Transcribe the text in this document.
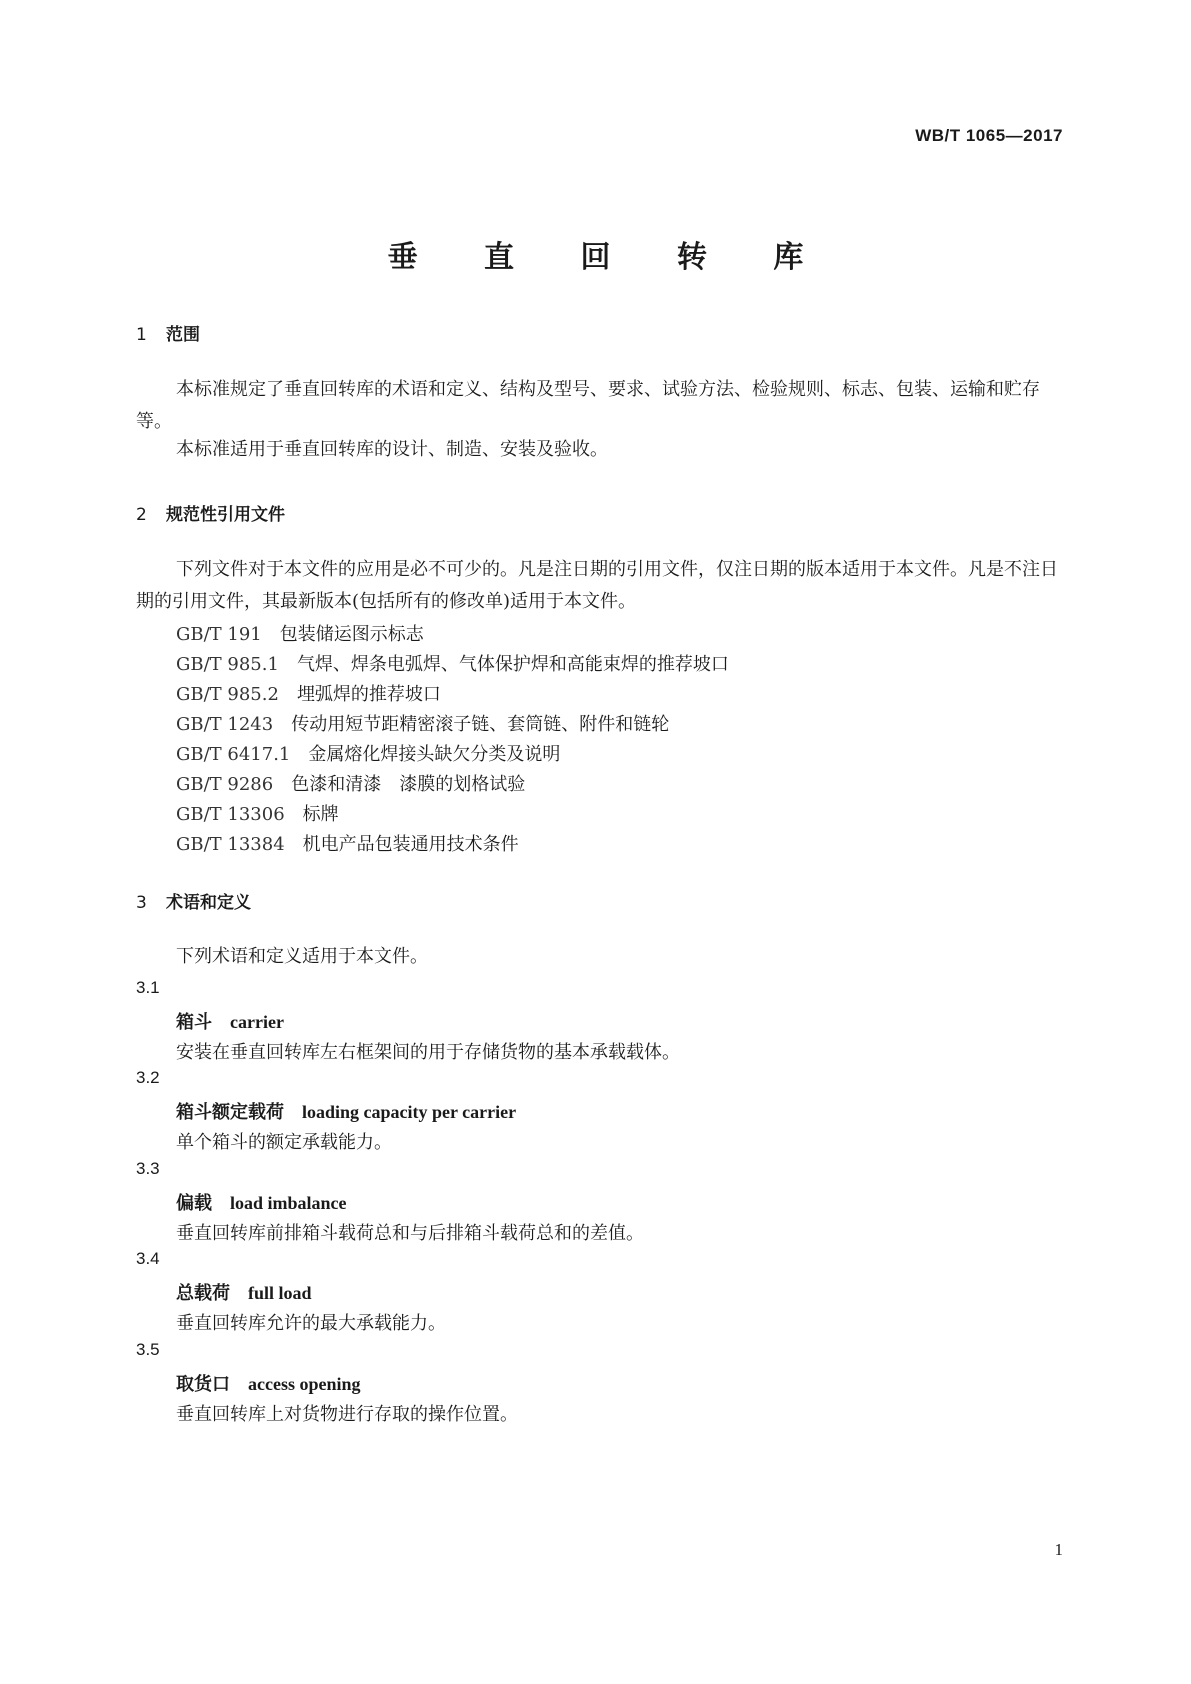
WB/T 1065—2017
垂 直 回 转 库
1 范围
本标准规定了垂直回转库的术语和定义、结构及型号、要求、试验方法、检验规则、标志、包装、运输和贮存等。
本标准适用于垂直回转库的设计、制造、安装及验收。
2 规范性引用文件
下列文件对于本文件的应用是必不可少的。凡是注日期的引用文件，仅注日期的版本适用于本文件。凡是不注日期的引用文件，其最新版本(包括所有的修改单)适用于本文件。
GB/T 191 包装储运图示标志
GB/T 985.1 气焊、焊条电弧焊、气体保护焊和高能束焊的推荐坡口
GB/T 985.2 埋弧焊的推荐坡口
GB/T 1243 传动用短节距精密滚子链、套筒链、附件和链轮
GB/T 6417.1 金属熔化焊接头缺欠分类及说明
GB/T 9286 色漆和清漆　漆膜的划格试验
GB/T 13306 标牌
GB/T 13384 机电产品包装通用技术条件
3 术语和定义
下列术语和定义适用于本文件。
3.1
箱斗 carrier
安装在垂直回转库左右框架间的用于存储货物的基本承载载体。
3.2
箱斗额定载荷 loading capacity per carrier
单个箱斗的额定承载能力。
3.3
偏载 load imbalance
垂直回转库前排箱斗载荷总和与后排箱斗载荷总和的差值。
3.4
总载荷 full load
垂直回转库允许的最大承载能力。
3.5
取货口 access opening
垂直回转库上对货物进行存取的操作位置。
1
